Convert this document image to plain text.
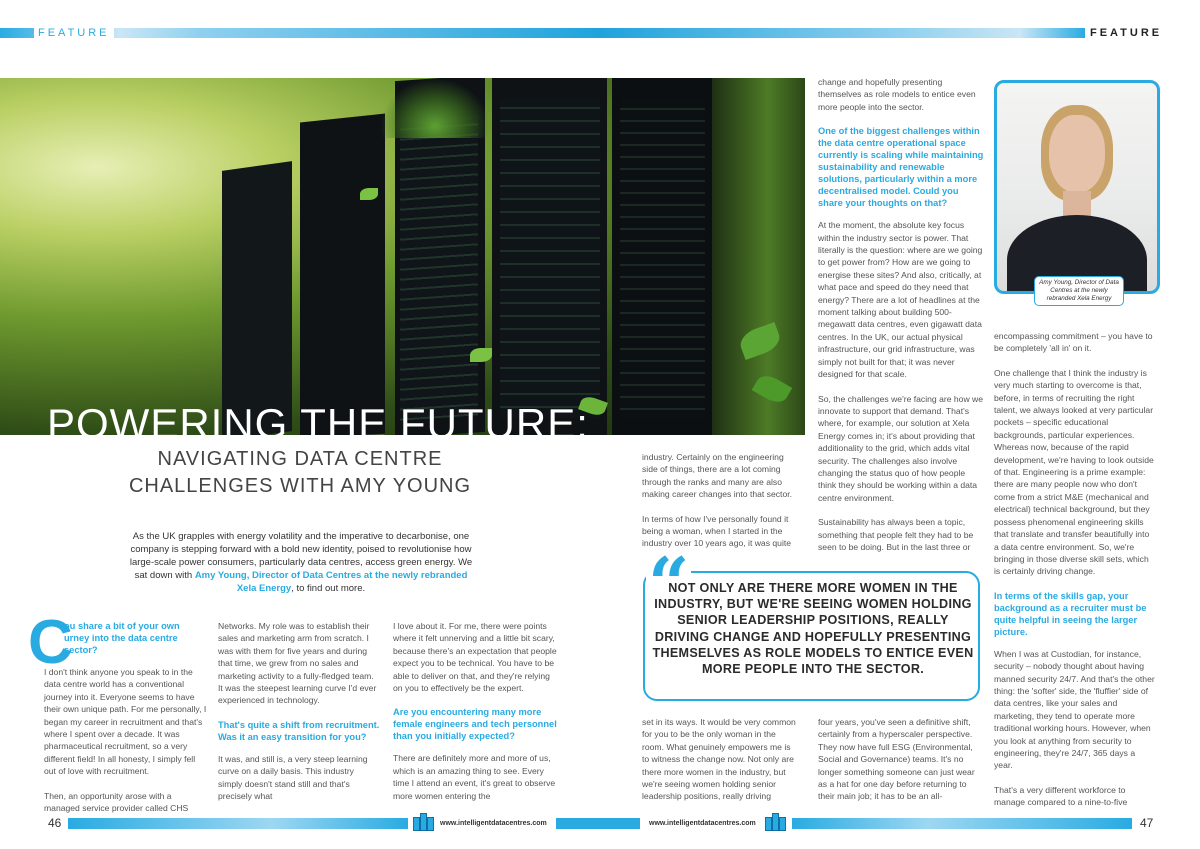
FEATURE	FEATURE
POWERING THE FUTURE:
NAVIGATING DATA CENTRE CHALLENGES WITH AMY YOUNG
As the UK grapples with energy volatility and the imperative to decarbonise, one company is stepping forward with a bold new identity, poised to revolutionise how large-scale power consumers, particularly data centres, access green energy. We sat down with Amy Young, Director of Data Centres at the newly rebranded Xela Energy, to find out more.
C
ou share a bit of your own urney into the data centre sector?

I don't think anyone you speak to in the data centre world has a conventional journey into it. Everyone seems to have their own unique path. For me personally, I began my career in recruitment and that's where I spent over a decade. It was pharmaceutical recruitment, so a very different field! In all honesty, I simply fell out of love with recruitment.

Then, an opportunity arose with a managed service provider called CHS

Networks. My role was to establish their sales and marketing arm from scratch. I was with them for five years and during that time, we grew from no sales and marketing activity to a fully-fledged team. It was the steepest learning curve I'd ever experienced in technology.

That's quite a shift from recruitment. Was it an easy transition for you?

It was, and still is, a very steep learning curve on a daily basis. This industry simply doesn't stand still and that's precisely what

I love about it. For me, there were points where it felt unnerving and a little bit scary, because there's an expectation that people expect you to be technical. You have to be able to deliver on that, and they're relying on you to effectively be the expert.

Are you encountering many more female engineers and tech personnel than you initially expected?

There are definitely more and more of us, which is an amazing thing to see. Every time I attend an event, it's great to observe more women entering the

industry. Certainly on the engineering side of things, there are a lot coming through the ranks and many are also making career changes into that sector.

In terms of how I've personally found it being a woman, when I started in the industry over 10 years ago, it was quite

set in its ways. It would be very common for you to be the only woman in the room. What genuinely empowers me is to witness the change now. Not only are there more women in the industry, but we're seeing women holding senior leadership positions, really driving

change and hopefully presenting themselves as role models to entice even more people into the sector.

One of the biggest challenges within the data centre operational space currently is scaling while maintaining sustainability and renewable solutions, particularly within a more decentralised model. Could you share your thoughts on that?

At the moment, the absolute key focus within the industry sector is power. That literally is the question: where are we going to get power from? How are we going to energise these sites? And also, critically, at what pace and speed do they need that energy? There are a lot of headlines at the moment talking about building 500-megawatt data centres, even gigawatt data centres. In the UK, our actual physical infrastructure, our grid infrastructure, was simply not built for that; it was never designed for that scale.

So, the challenges we're facing are how we innovate to support that demand. That's where, for example, our solution at Xela Energy comes in; it's about providing that additionality to the grid, which adds vital security. The challenges also involve changing the status quo of how people think they should be working within a data centre environment.

Sustainability has always been a topic, something that people felt they had to be seen to be doing. But in the last three or

four years, you've seen a definitive shift, certainly from a hyperscaler perspective. They now have full ESG (Environmental, Social and Governance) teams. It's no longer something someone can just wear as a hat for one day before returning to their main job; it has to be an all-

Amy Young, Director of Data Centres at the newly rebranded Xela Energy

encompassing commitment – you have to be completely 'all in' on it.

One challenge that I think the industry is very much starting to overcome is that, before, in terms of recruiting the right talent, we always looked at very particular pockets – specific educational backgrounds, particular experiences. Whereas now, because of the rapid development, we're having to look outside of that. Engineering is a prime example: there are many people now who don't come from a strict M&E (mechanical and electrical) technical background, but they possess phenomenal engineering skills that translate and transfer beautifully into a data centre environment. So, we're bringing in those diverse skill sets, which is certainly driving change.

In terms of the skills gap, your background as a recruiter must be quite helpful in seeing the larger picture.

When I was at Custodian, for instance, security – nobody thought about having manned security 24/7. And that's the other thing: the 'softer' side, the 'fluffier' side of data centres, like your sales and marketing, they tend to operate more traditional working hours. However, when you look at anything from security to engineering, they're 24/7, 365 days a year.

That's a very different workforce to manage compared to a nine-to-five

“
NOT ONLY ARE THERE MORE WOMEN IN THE INDUSTRY, BUT WE'RE SEEING WOMEN HOLDING SENIOR LEADERSHIP POSITIONS, REALLY DRIVING CHANGE AND HOPEFULLY PRESENTING THEMSELVES AS ROLE MODELS TO ENTICE EVEN MORE PEOPLE INTO THE SECTOR.
46	www.intelligentdatacentres.com	www.intelligentdatacentres.com	47
